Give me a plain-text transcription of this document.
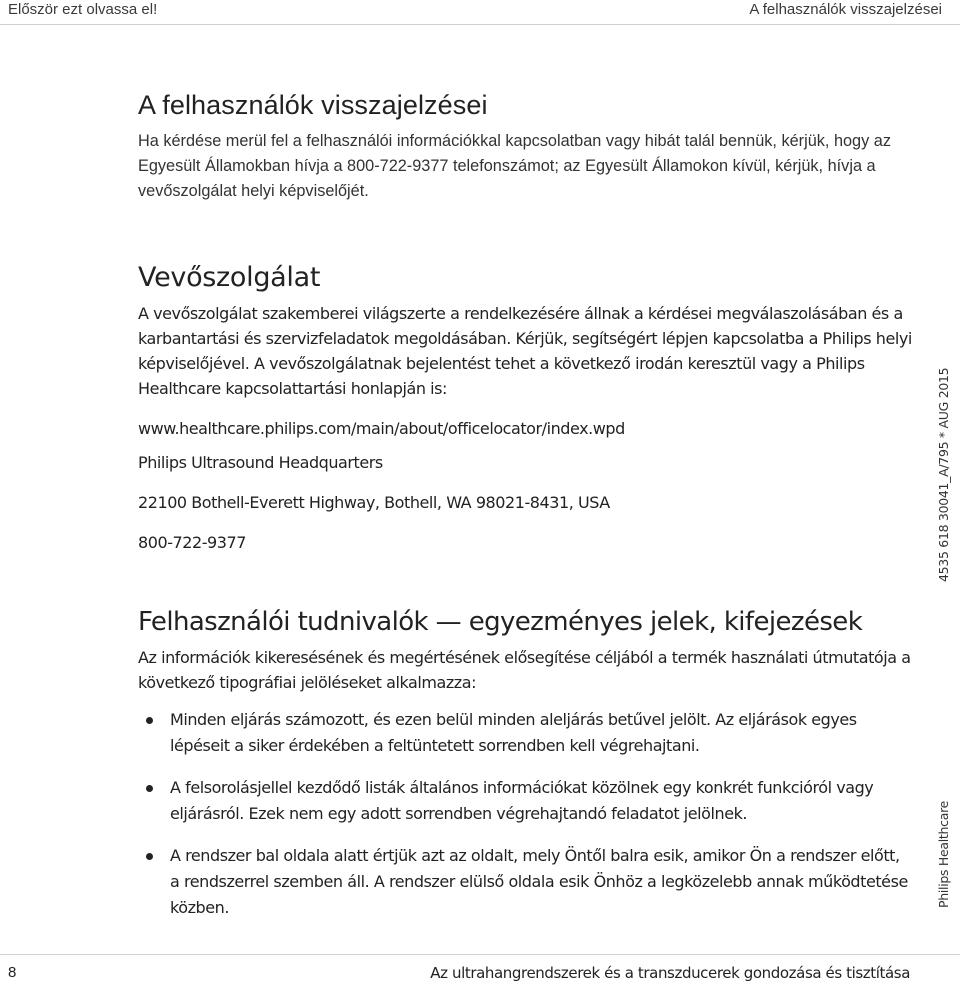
Először ezt olvassa el!	A felhasználók visszajelzései
A felhasználók visszajelzései

Ha kérdése merül fel a felhasználói információkkal kapcsolatban vagy hibát talál bennük, kérjük, hogy az Egyesült Államokban hívja a 800-722-9377 telefonszámot; az Egyesült Államokon kívül, kérjük, hívja a vevőszolgálat helyi képviselőjét.

Vevőszolgálat

A vevőszolgálat szakemberei világszerte a rendelkezésére állnak a kérdései megválaszolásában és a karbantartási és szervizfeladatok megoldásában. Kérjük, segítségért lépjen kapcsolatba a Philips helyi képviselőjével. A vevőszolgálatnak bejelentést tehet a következő irodán keresztül vagy a Philips Healthcare kapcsolattartási honlapján is:

www.healthcare.philips.com/main/about/officelocator/index.wpd

Philips Ultrasound Headquarters

22100 Bothell-Everett Highway, Bothell, WA 98021-8431, USA

800-722-9377

Felhasználói tudnivalók — egyezményes jelek, kifejezések

Az információk kikeresésének és megértésének elősegítése céljából a termék használati útmutatója a következő tipográfiai jelöléseket alkalmazza:

Minden eljárás számozott, és ezen belül minden aleljárás betűvel jelölt. Az eljárások egyes lépéseit a siker érdekében a feltüntetett sorrendben kell végrehajtani.
A felsorolásjellel kezdődő listák általános információkat közölnek egy konkrét funkcióról vagy eljárásról. Ezek nem egy adott sorrendben végrehajtandó feladatot jelölnek.
A rendszer bal oldala alatt értjük azt az oldalt, mely Öntől balra esik, amikor Ön a rendszer előtt, a rendszerrel szemben áll. A rendszer elülső oldala esik Önhöz a legközelebb annak működtetése közben.
4535 618 30041_A/795 * AUG 2015
Philips Healthcare
8	Az ultrahangrendszerek és a transzducerek gondozása és tisztítása
